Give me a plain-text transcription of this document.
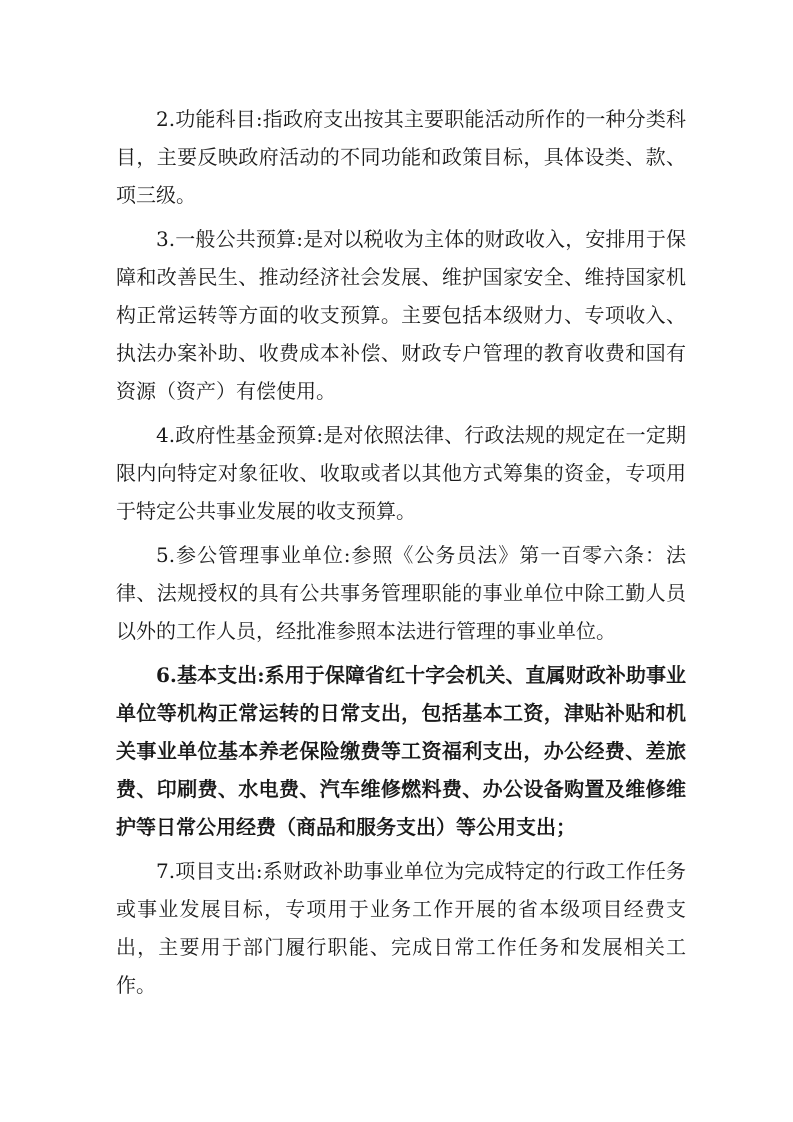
2.功能科目:指政府支出按其主要职能活动所作的一种分类科目，主要反映政府活动的不同功能和政策目标，具体设类、款、项三级。

3.一般公共预算:是对以税收为主体的财政收入，安排用于保障和改善民生、推动经济社会发展、维护国家安全、维持国家机构正常运转等方面的收支预算。主要包括本级财力、专项收入、执法办案补助、收费成本补偿、财政专户管理的教育收费和国有资源（资产）有偿使用。

4.政府性基金预算:是对依照法律、行政法规的规定在一定期限内向特定对象征收、收取或者以其他方式筹集的资金，专项用于特定公共事业发展的收支预算。

5.参公管理事业单位:参照《公务员法》第一百零六条：法律、法规授权的具有公共事务管理职能的事业单位中除工勤人员以外的工作人员，经批准参照本法进行管理的事业单位。

6.基本支出:系用于保障省红十字会机关、直属财政补助事业单位等机构正常运转的日常支出，包括基本工资，津贴补贴和机关事业单位基本养老保险缴费等工资福利支出，办公经费、差旅费、印刷费、水电费、汽车维修燃料费、办公设备购置及维修维护等日常公用经费（商品和服务支出）等公用支出；

7.项目支出:系财政补助事业单位为完成特定的行政工作任务或事业发展目标，专项用于业务工作开展的省本级项目经费支出，主要用于部门履行职能、完成日常工作任务和发展相关工作。
